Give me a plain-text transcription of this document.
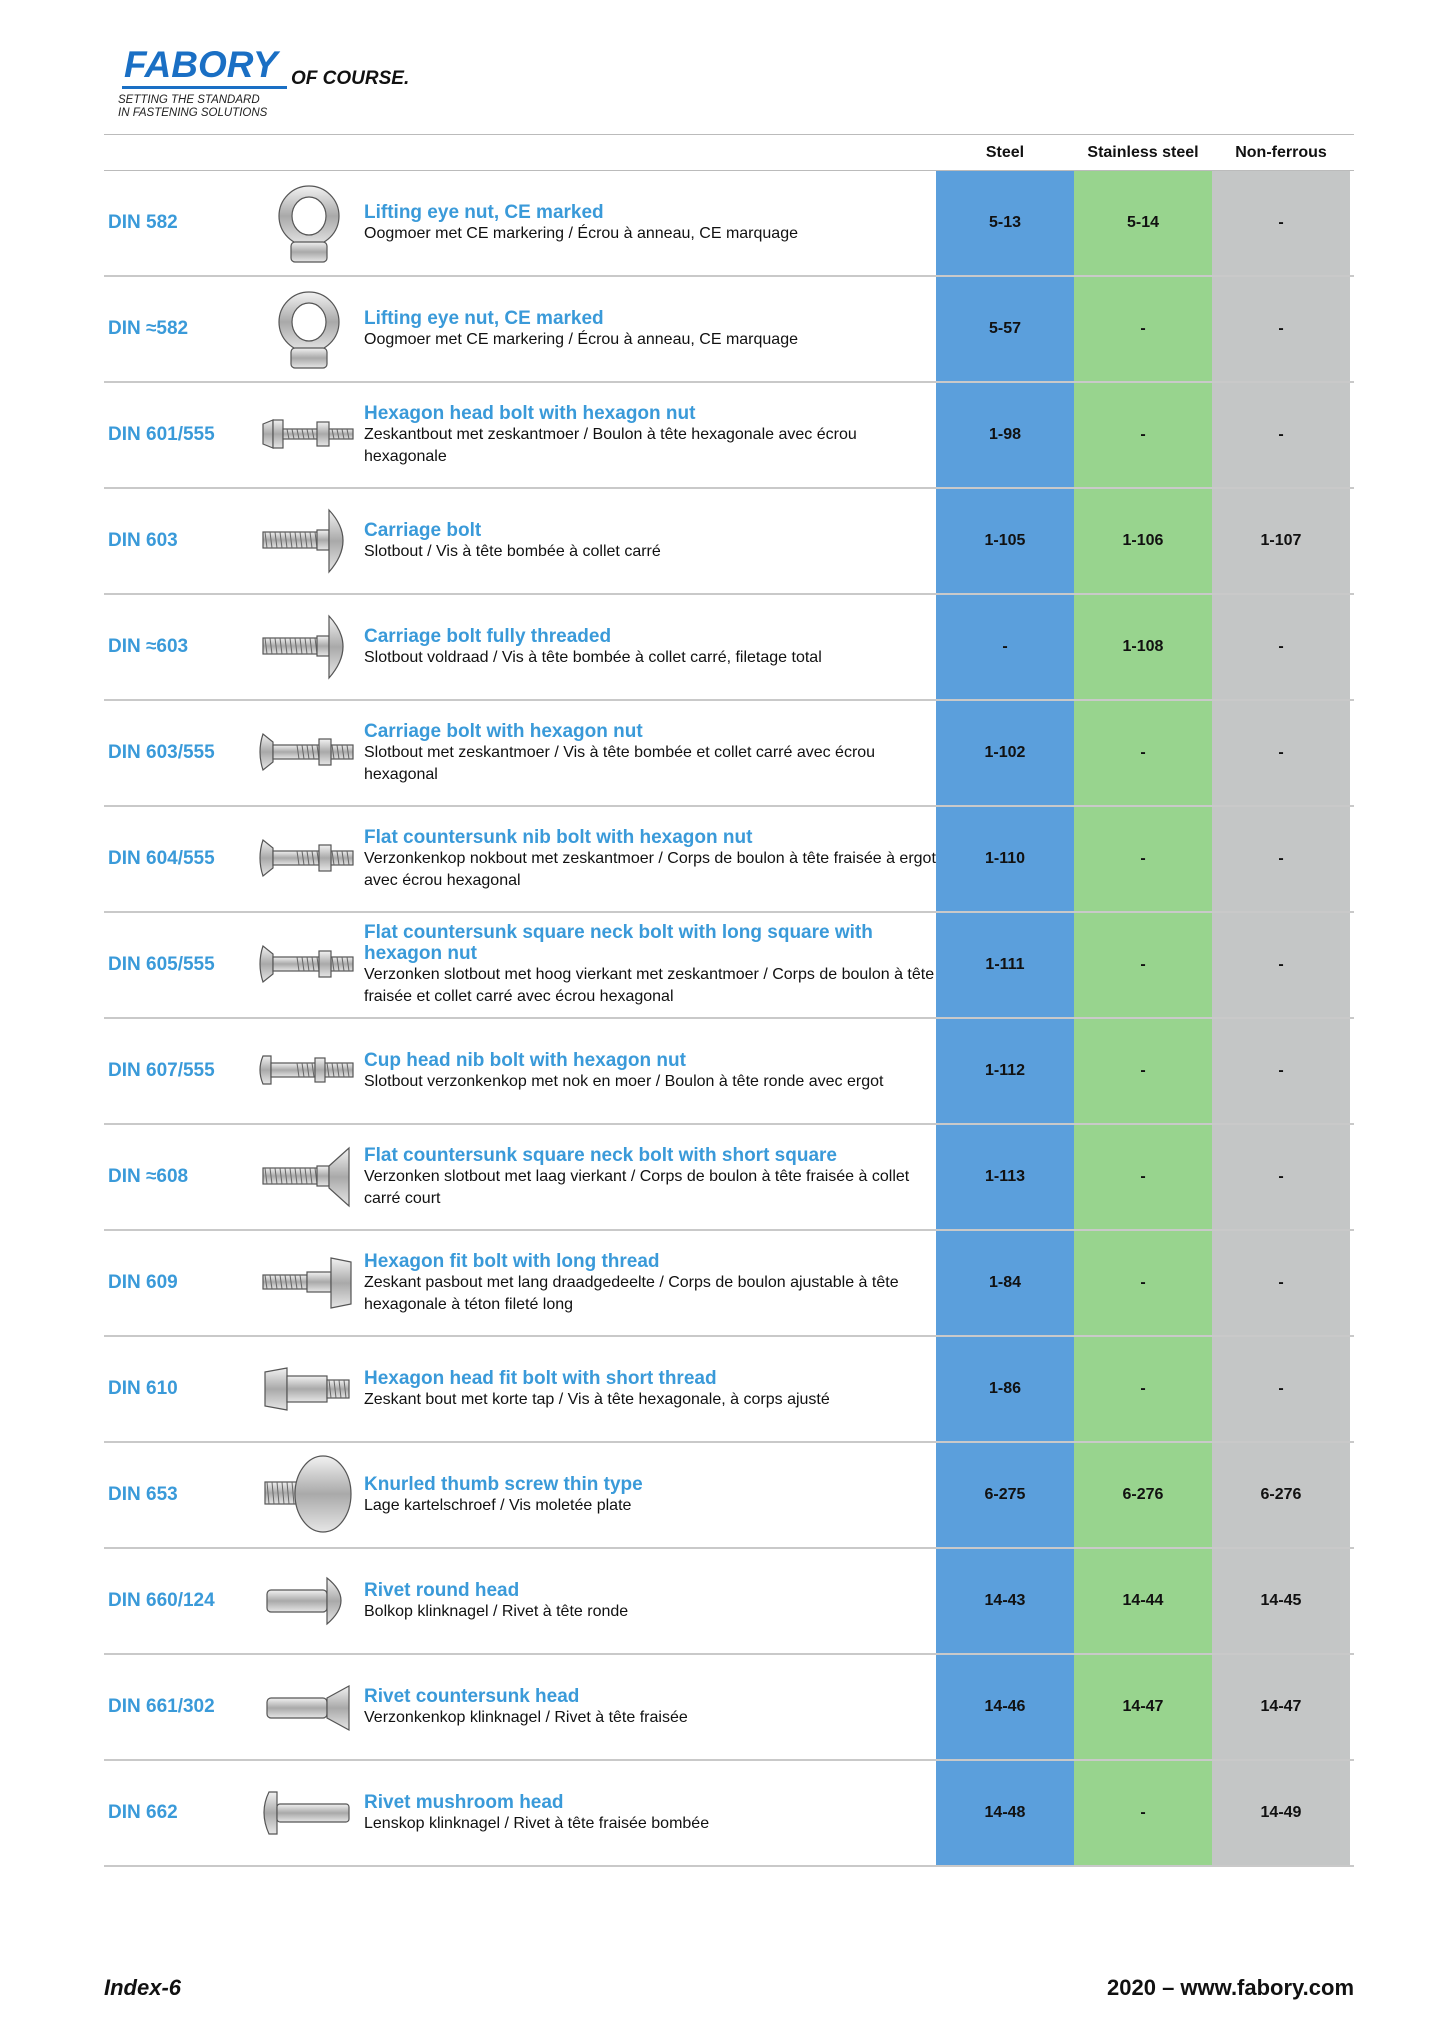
FABORY OF COURSE.
SETTING THE STANDARD
IN FASTENING SOLUTIONS
Steel	Stainless steel	Non-ferrous
DIN 582	Lifting eye nut, CE marked
Oogmoer met CE markering / Écrou à anneau, CE marquage
5-13	5-14	-
DIN ≈582	Lifting eye nut, CE marked
Oogmoer met CE markering / Écrou à anneau, CE marquage
5-57	-	-
DIN 601/555
Hexagon head bolt with hexagon nut
Zeskantbout met zeskantmoer / Boulon à tête hexagonale avec écrou hexagonale
1-98	-	-
DIN 603	Carriage bolt
Slotbout / Vis à tête bombée à collet carré
1-105	1-106	1-107
DIN ≈603	Carriage bolt fully threaded
Slotbout voldraad / Vis à tête bombée à collet carré, filetage total
-	1-108	-
DIN 603/555
Carriage bolt with hexagon nut
Slotbout met zeskantmoer / Vis à tête bombée et collet carré avec écrou hexagonal
1-102	-	-
DIN 604/555
Flat countersunk nib bolt with hexagon nut
Verzonkenkop nokbout met zeskantmoer / Corps de boulon à tête fraisée à ergot avec écrou hexagonal
1-110	-	-
DIN 605/555
Flat countersunk square neck bolt with long square with hexagon nut
Verzonken slotbout met hoog vierkant met zeskantmoer / Corps de boulon à tête fraisée et collet carré avec écrou hexagonal
1-111	-	-
DIN 607/555	Cup head nib bolt with hexagon nut
Slotbout verzonkenkop met nok en moer / Boulon à tête ronde avec ergot
1-112	-	-
DIN ≈608
Flat countersunk square neck bolt with short square
Verzonken slotbout met laag vierkant / Corps de boulon à tête fraisée à collet carré court
1-113	-	-
DIN 609
Hexagon fit bolt with long thread
Zeskant pasbout met lang draadgedeelte / Corps de boulon ajustable à tête hexagonale à téton fileté long
1-84	-	-
DIN 610	Hexagon head fit bolt with short thread
Zeskant bout met korte tap / Vis à tête hexagonale, à corps ajusté
1-86	-	-
DIN 653	Knurled thumb screw thin type
Lage kartelschroef / Vis moletée plate
6-275	6-276	6-276
DIN 660/124	Rivet round head
Bolkop klinknagel / Rivet à tête ronde
14-43	14-44	14-45
DIN 661/302	Rivet countersunk head
Verzonkenkop klinknagel / Rivet à tête fraisée
14-46	14-47	14-47
DIN 662	Rivet mushroom head
Lenskop klinknagel / Rivet à tête fraisée bombée
14-48	-	14-49
Index-6	2020 – www.fabory.com
